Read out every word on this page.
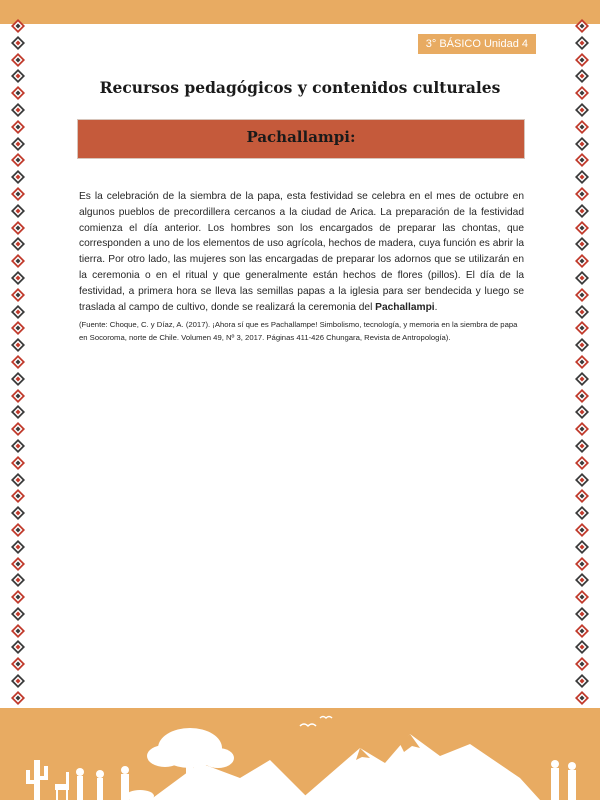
3° BÁSICO Unidad 4
Recursos pedagógicos y contenidos culturales
Pachallampi:

Es la celebración de la siembra de la papa, esta festividad se celebra en el mes de octubre en algunos pueblos de precordillera cercanos a la ciudad de Arica. La preparación de la festividad comienza el día anterior. Los hombres son los encargados de preparar las chontas, que corresponden a uno de los elementos de uso agrícola, hechos de madera, cuya función es abrir la tierra. Por otro lado, las mujeres son las encargadas de preparar los adornos que se utilizarán en la ceremonia o en el ritual y que generalmente están hechos de flores (pillos). El día de la festividad, a primera hora se lleva las semillas papas a la iglesia para ser bendecida y luego se traslada al campo de cultivo, donde se realizará la ceremonia del Pachallampi.

(Fuente: Choque, C. y Díaz, A. (2017). ¡Ahora sí que es Pachallampe! Simbolismo, tecnología, y memoria en la siembra de papa en Socoroma, norte de Chile. Volumen 49, Nº 3, 2017. Páginas 411-426 Chungara, Revista de Antropología).
